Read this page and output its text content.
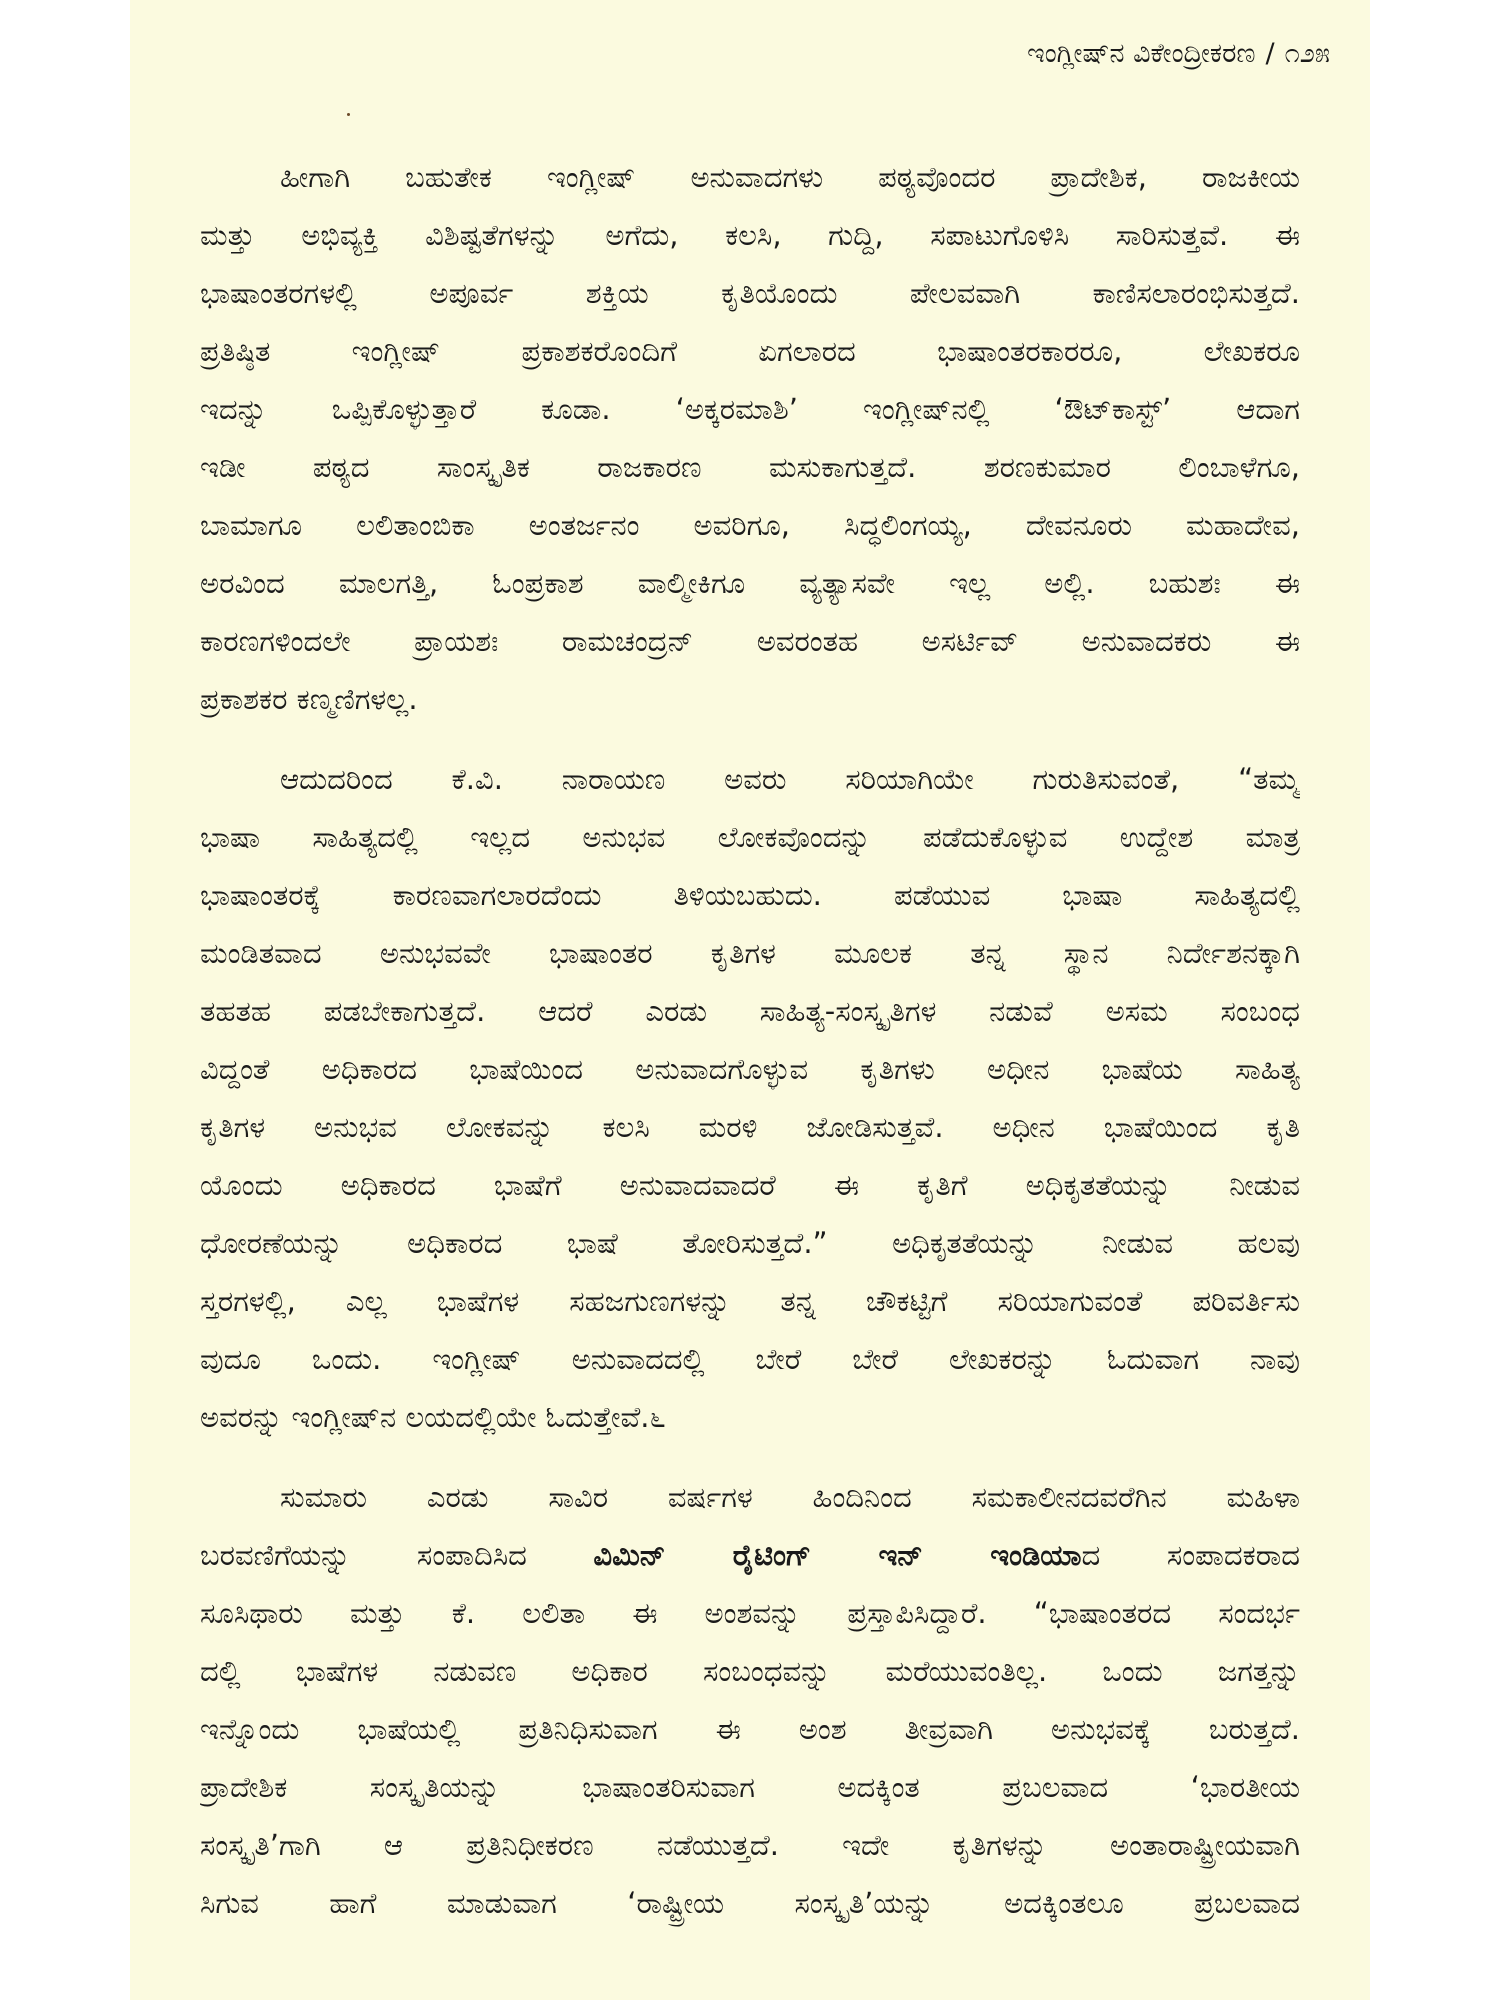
ಇಂಗ್ಲೀಷ್‌ನ ವಿಕೇಂದ್ರೀಕರಣ / ೧೨೫
ಹೀಗಾಗಿ ಬಹುತೇಕ ಇಂಗ್ಲೀಷ್ ಅನುವಾದಗಳು ಪಠ್ಯವೊಂದರ ಪ್ರಾದೇಶಿಕ, ರಾಜಕೀಯ
ಮತ್ತು ಅಭಿವ್ಯಕ್ತಿ ವಿಶಿಷ್ಟತೆಗಳನ್ನು ಅಗೆದು, ಕಲಸಿ, ಗುದ್ದಿ, ಸಪಾಟುಗೊಳಿಸಿ ಸಾರಿಸುತ್ತವೆ. ಈ
ಭಾಷಾಂತರಗಳಲ್ಲಿ ಅಪೂರ್ವ ಶಕ್ತಿಯ ಕೃತಿಯೊಂದು ಪೇಲವವಾಗಿ ಕಾಣಿಸಲಾರಂಭಿಸುತ್ತದೆ.
ಪ್ರತಿಷ್ಠಿತ ಇಂಗ್ಲೀಷ್ ಪ್ರಕಾಶಕರೊಂದಿಗೆ ಏಗಲಾರದ ಭಾಷಾಂತರಕಾರರೂ, ಲೇಖಕರೂ
ಇದನ್ನು ಒಪ್ಪಿಕೊಳ್ಳುತ್ತಾರೆ ಕೂಡಾ. ‘ಅಕ್ಕರಮಾಶಿ’ ಇಂಗ್ಲೀಷ್‌ನಲ್ಲಿ ‘ಔಟ್‌ಕಾಸ್ಟ್’ ಆದಾಗ
ಇಡೀ ಪಠ್ಯದ ಸಾಂಸ್ಕೃತಿಕ ರಾಜಕಾರಣ ಮಸುಕಾಗುತ್ತದೆ. ಶರಣಕುಮಾರ ಲಿಂಬಾಳೆಗೂ,
ಬಾಮಾಗೂ ಲಲಿತಾಂಬಿಕಾ ಅಂತರ್ಜನಂ ಅವರಿಗೂ, ಸಿದ್ಧಲಿಂಗಯ್ಯ, ದೇವನೂರು ಮಹಾದೇವ,
ಅರವಿಂದ ಮಾಲಗತ್ತಿ, ಓಂಪ್ರಕಾಶ ವಾಲ್ಮೀಕಿಗೂ ವ್ಯತ್ಯಾಸವೇ ಇಲ್ಲ ಅಲ್ಲಿ. ಬಹುಶಃ ಈ
ಕಾರಣಗಳಿಂದಲೇ ಪ್ರಾಯಶಃ ರಾಮಚಂದ್ರನ್ ಅವರಂತಹ ಅಸರ್ಟಿವ್ ಅನುವಾದಕರು ಈ
ಪ್ರಕಾಶಕರ ಕಣ್ಮಣಿಗಳಲ್ಲ.
ಆದುದರಿಂದ ಕೆ.ವಿ. ನಾರಾಯಣ ಅವರು ಸರಿಯಾಗಿಯೇ ಗುರುತಿಸುವಂತೆ, “ತಮ್ಮ
ಭಾಷಾ ಸಾಹಿತ್ಯದಲ್ಲಿ ಇಲ್ಲದ ಅನುಭವ ಲೋಕವೊಂದನ್ನು ಪಡೆದುಕೊಳ್ಳುವ ಉದ್ದೇಶ ಮಾತ್ರ
ಭಾಷಾಂತರಕ್ಕೆ ಕಾರಣವಾಗಲಾರದೆಂದು ತಿಳಿಯಬಹುದು. ಪಡೆಯುವ ಭಾಷಾ ಸಾಹಿತ್ಯದಲ್ಲಿ
ಮಂಡಿತವಾದ ಅನುಭವವೇ ಭಾಷಾಂತರ ಕೃತಿಗಳ ಮೂಲಕ ತನ್ನ ಸ್ಥಾನ ನಿರ್ದೇಶನಕ್ಕಾಗಿ
ತಹತಹ ಪಡಬೇಕಾಗುತ್ತದೆ. ಆದರೆ ಎರಡು ಸಾಹಿತ್ಯ-ಸಂಸ್ಕೃತಿಗಳ ನಡುವೆ ಅಸಮ ಸಂಬಂಧ
ವಿದ್ದಂತೆ ಅಧಿಕಾರದ ಭಾಷೆಯಿಂದ ಅನುವಾದಗೊಳ್ಳುವ ಕೃತಿಗಳು ಅಧೀನ ಭಾಷೆಯ ಸಾಹಿತ್ಯ
ಕೃತಿಗಳ ಅನುಭವ ಲೋಕವನ್ನು ಕಲಸಿ ಮರಳಿ ಜೋಡಿಸುತ್ತವೆ. ಅಧೀನ ಭಾಷೆಯಿಂದ ಕೃತಿ
ಯೊಂದು ಅಧಿಕಾರದ ಭಾಷೆಗೆ ಅನುವಾದವಾದರೆ ಈ ಕೃತಿಗೆ ಅಧಿಕೃತತೆಯನ್ನು ನೀಡುವ
ಧೋರಣೆಯನ್ನು ಅಧಿಕಾರದ ಭಾಷೆ ತೋರಿಸುತ್ತದೆ.” ಅಧಿಕೃತತೆಯನ್ನು ನೀಡುವ ಹಲವು
ಸ್ತರಗಳಲ್ಲಿ, ಎಲ್ಲ ಭಾಷೆಗಳ ಸಹಜಗುಣಗಳನ್ನು ತನ್ನ ಚೌಕಟ್ಟಿಗೆ ಸರಿಯಾಗುವಂತೆ ಪರಿವರ್ತಿಸು
ವುದೂ ಒಂದು. ಇಂಗ್ಲೀಷ್ ಅನುವಾದದಲ್ಲಿ ಬೇರೆ ಬೇರೆ ಲೇಖಕರನ್ನು ಓದುವಾಗ ನಾವು
ಅವರನ್ನು ಇಂಗ್ಲೀಷ್‌ನ ಲಯದಲ್ಲಿಯೇ ಓದುತ್ತೇವೆ.೬
ಸುಮಾರು ಎರಡು ಸಾವಿರ ವರ್ಷಗಳ ಹಿಂದಿನಿಂದ ಸಮಕಾಲೀನದವರೆಗಿನ ಮಹಿಳಾ
ಬರವಣಿಗೆಯನ್ನು ಸಂಪಾದಿಸಿದ ವಿಮಿನ್ ರೈಟಿಂಗ್ ಇನ್ ಇಂಡಿಯಾದ ಸಂಪಾದಕರಾದ
ಸೂಸಿಥಾರು ಮತ್ತು ಕೆ. ಲಲಿತಾ ಈ ಅಂಶವನ್ನು ಪ್ರಸ್ತಾಪಿಸಿದ್ದಾರೆ. “ಭಾಷಾಂತರದ ಸಂದರ್ಭ
ದಲ್ಲಿ ಭಾಷೆಗಳ ನಡುವಣ ಅಧಿಕಾರ ಸಂಬಂಧವನ್ನು ಮರೆಯುವಂತಿಲ್ಲ. ಒಂದು ಜಗತ್ತನ್ನು
ಇನ್ನೊಂದು ಭಾಷೆಯಲ್ಲಿ ಪ್ರತಿನಿಧಿಸುವಾಗ ಈ ಅಂಶ ತೀವ್ರವಾಗಿ ಅನುಭವಕ್ಕೆ ಬರುತ್ತದೆ.
ಪ್ರಾದೇಶಿಕ ಸಂಸ್ಕೃತಿಯನ್ನು ಭಾಷಾಂತರಿಸುವಾಗ ಅದಕ್ಕಿಂತ ಪ್ರಬಲವಾದ ‘ಭಾರತೀಯ
ಸಂಸ್ಕೃತಿ’ಗಾಗಿ ಆ ಪ್ರತಿನಿಧೀಕರಣ ನಡೆಯುತ್ತದೆ. ಇದೇ ಕೃತಿಗಳನ್ನು ಅಂತಾರಾಷ್ಟ್ರೀಯವಾಗಿ
ಸಿಗುವ ಹಾಗೆ ಮಾಡುವಾಗ ‘ರಾಷ್ಟ್ರೀಯ ಸಂಸ್ಕೃತಿ’ಯನ್ನು ಅದಕ್ಕಿಂತಲೂ ಪ್ರಬಲವಾದ
